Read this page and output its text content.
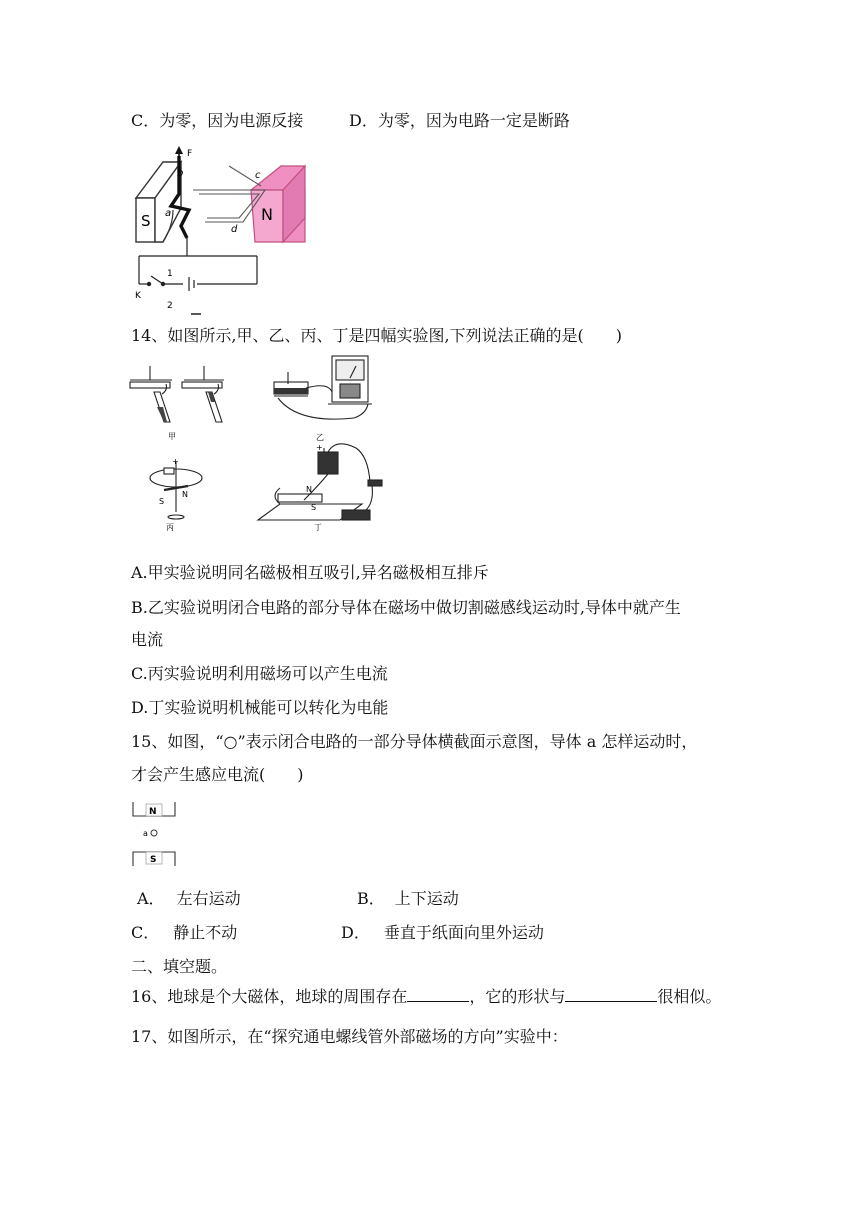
C．为零，因为电源反接	D．为零，因为电路一定是断路
S	N
F
b
a
c
d
1
2
K
14、如图所示,甲、乙、丙、丁是四幅实验图,下列说法正确的是( )
甲	乙
+
S
N
丙
+
N
S
丁
A.甲实验说明同名磁极相互吸引,异名磁极相互排斥
B.乙实验说明闭合电路的部分导体在磁场中做切割磁感线运动时,导体中就产生
电流
C.丙实验说明利用磁场可以产生电流
D.丁实验说明机械能可以转化为电能
15、如图，“○”表示闭合电路的一部分导体横截面示意图，导体 a 怎样运动时，
才会产生感应电流( )
N
a
S
A． 左右运动	B． 上下运动
C． 静止不动	D． 垂直于纸面向里外运动
二、填空题。
16、地球是个大磁体，地球的周围存在	，它的形状与	很相似。
17、如图所示，在“探究通电螺线管外部磁场的方向”实验中：
